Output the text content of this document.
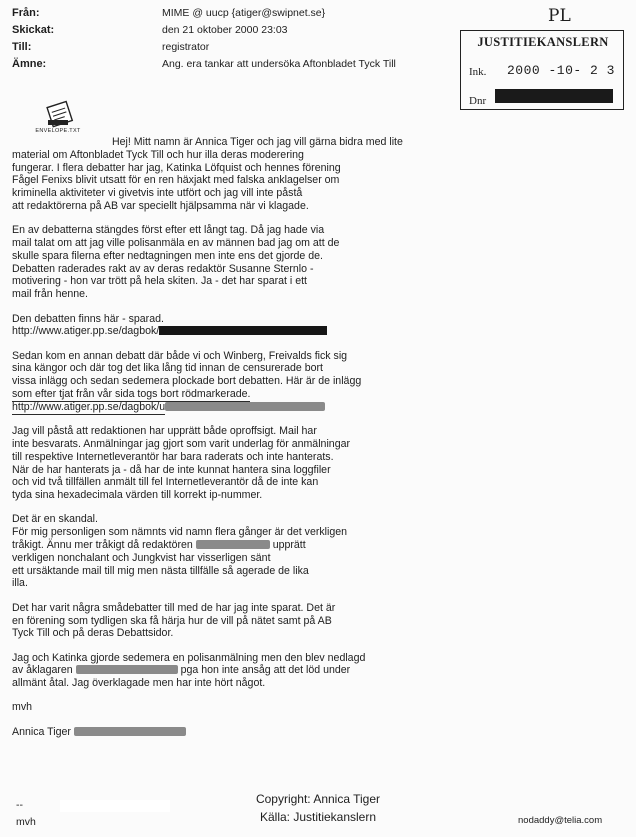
Från:	MIME @ uucp {atiger@swipnet.se}
Skickat:	den 21 oktober 2000 23:03
Till:	registrator
Ämne:	Ang. era tankar att undersöka Aftonbladet Tyck Till
PL
JUSTITIEKANSLERN
Ink. 2000 -10- 2 3
Dnr
ENVELOPE.TXT

Hej! Mitt namn är Annica Tiger och jag vill gärna bidra med lite
material om Aftonbladet Tyck Till och hur illa deras moderering
fungerar. I flera debatter har jag, Katinka Löfquist och hennes förening
Fågel Fenixs blivit utsatt för en ren häxjakt med falska anklagelser om
kriminella aktiviteter vi givetvis inte utfört och jag vill inte påstå
att redaktörerna på AB var speciellt hjälpsamma när vi klagade.

En av debatterna stängdes först efter ett långt tag. Då jag hade via
mail talat om att jag ville polisanmäla en av männen bad jag om att de
skulle spara filerna efter nedtagningen men inte ens det gjorde de.
Debatten raderades rakt av av deras redaktör Susanne Sternlo -
motivering - hon var trött på hela skiten. Ja - det har sparat i ett
mail från henne.

Den debatten finns här - sparad.
http://www.atiger.pp.se/dagbok/

Sedan kom en annan debatt där både vi och Winberg, Freivalds fick sig
sina kängor och där tog det lika lång tid innan de censurerade bort
vissa inlägg och sedan sedemera plockade bort debatten. Här är de inlägg
som efter tjat från vår sida togs bort rödmarkerade.
http://www.atiger.pp.se/dagbok/u

Jag vill påstå att redaktionen har upprätt både oproffsigt. Mail har
inte besvarats. Anmälningar jag gjort som varit underlag för anmälningar
till respektive Internetleverantör har bara raderats och inte hanterats.
När de har hanterats ja - då har de inte kunnat hantera sina loggfiler
och vid två tillfällen anmält till fel Internetleverantör då de inte kan
tyda sina hexadecimala värden till korrekt ip-nummer.

Det är en skandal.
För mig personligen som nämnts vid namn flera gånger är det verkligen
tråkigt. Ännu mer tråkigt då redaktören	upprätt
verkligen nonchalant och Jungkvist har visserligen sänt
ett ursäktande mail till mig men nästa tillfälle så agerade de lika
illa.

Det har varit några smådebatter till med de har jag inte sparat. Det är
en förening som tydligen ska få härja hur de vill på nätet samt på AB
Tyck Till och på deras Debattsidor.

Jag och Katinka gjorde sedemera en polisanmälning men den blev nedlagd
av åklagaren	pga hon inte ansåg att det löd under
allmänt åtal. Jag överklagade men har inte hört något.

mvh

Annica Tiger

--
mvh
Copyright: Annica Tiger
Källa: Justitiekanslern	nodaddy@telia.com
